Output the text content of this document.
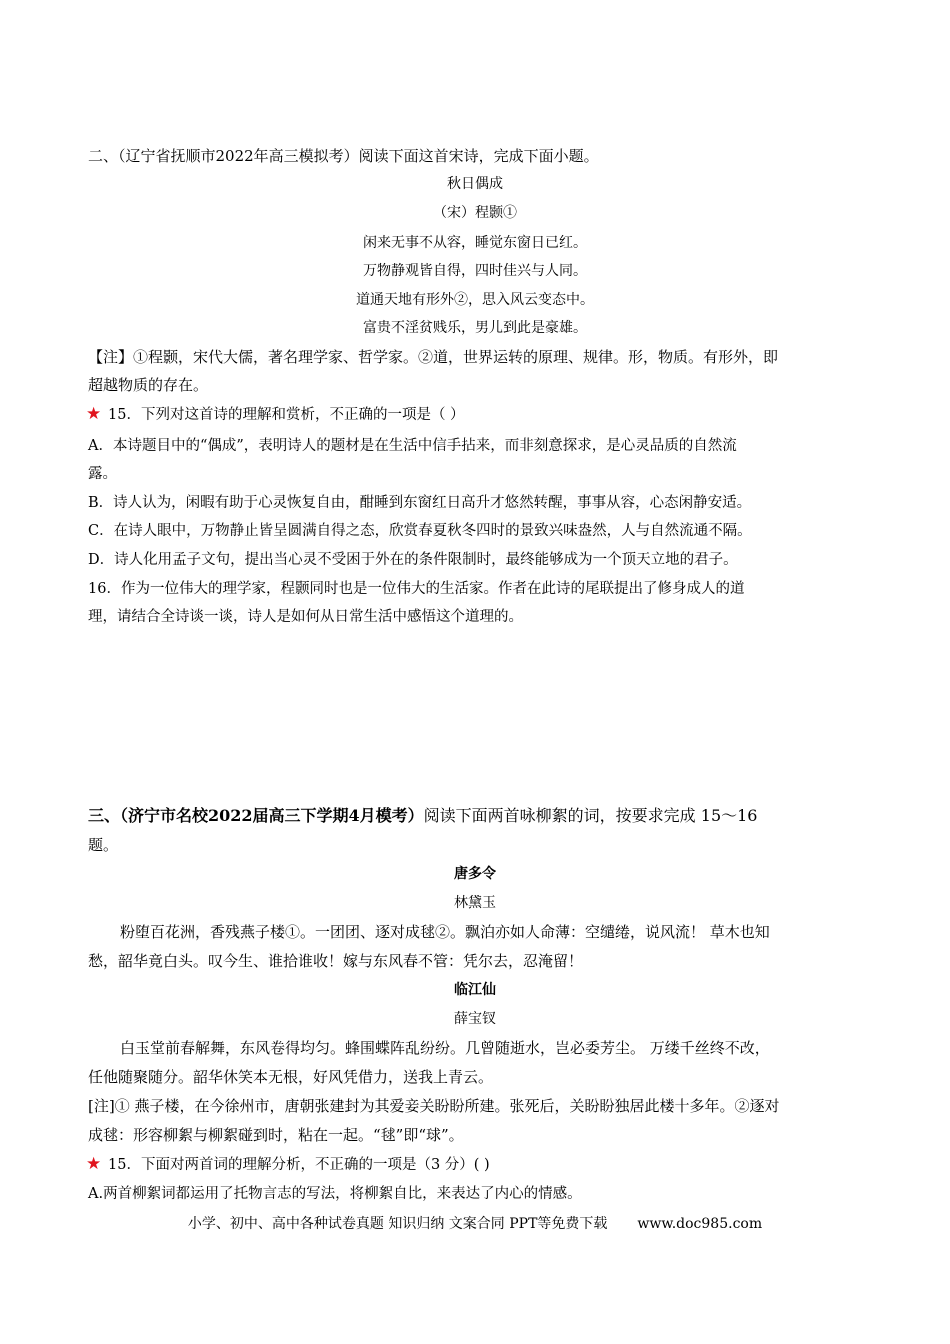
二、（辽宁省抚顺市2022年高三模拟考）阅读下面这首宋诗，完成下面小题。
秋日偶成
（宋）程颢①
闲来无事不从容，睡觉东窗日已红。
万物静观皆自得，四时佳兴与人同。
道通天地有形外②，思入风云变态中。
富贵不淫贫贱乐，男儿到此是豪雄。
【注】①程颢，宋代大儒，著名理学家、哲学家。②道，世界运转的原理、规律。形，物质。有形外，即
超越物质的存在。
★ 15．下列对这首诗的理解和赏析，不正确的一项是（ ）
A．本诗题目中的“偶成”，表明诗人的题材是在生活中信手拈来，而非刻意探求，是心灵品质的自然流
露。
B．诗人认为，闲暇有助于心灵恢复自由，酣睡到东窗红日高升才悠然转醒，事事从容，心态闲静安适。
C．在诗人眼中，万物静止皆呈圆满自得之态，欣赏春夏秋冬四时的景致兴味盎然，人与自然流通不隔。
D．诗人化用孟子文句，提出当心灵不受困于外在的条件限制时，最终能够成为一个顶天立地的君子。
16．作为一位伟大的理学家，程颢同时也是一位伟大的生活家。作者在此诗的尾联提出了修身成人的道
理，请结合全诗谈一谈，诗人是如何从日常生活中感悟这个道理的。
三、（济宁市名校2022届高三下学期4月模考）阅读下面两首咏柳絮的词，按要求完成 15～16
题。
唐多令
林黛玉
粉堕百花洲，香残燕子楼①。一团团、逐对成毬②。飘泊亦如人命薄：空缱绻，说风流！ 草木也知
愁，韶华竟白头。叹今生、谁拾谁收！嫁与东风春不管：凭尔去，忍淹留！
临江仙
薛宝钗
白玉堂前春解舞，东风卷得均匀。蜂围蝶阵乱纷纷。几曾随逝水，岂必委芳尘。 万缕千丝终不改，
任他随聚随分。韶华休笑本无根，好风凭借力，送我上青云。
[注]① 燕子楼，在今徐州市，唐朝张建封为其爱妾关盼盼所建。张死后，关盼盼独居此楼十多年。②逐对
成毬：形容柳絮与柳絮碰到时，粘在一起。“毬”即“球”。
★ 15．下面对两首词的理解分析，不正确的一项是（3 分）( )
A.两首柳絮词都运用了托物言志的写法，将柳絮自比，来表达了内心的情感。
小学、初中、高中各种试卷真题 知识归纳 文案合同 PPT等免费下载 www.doc985.com
